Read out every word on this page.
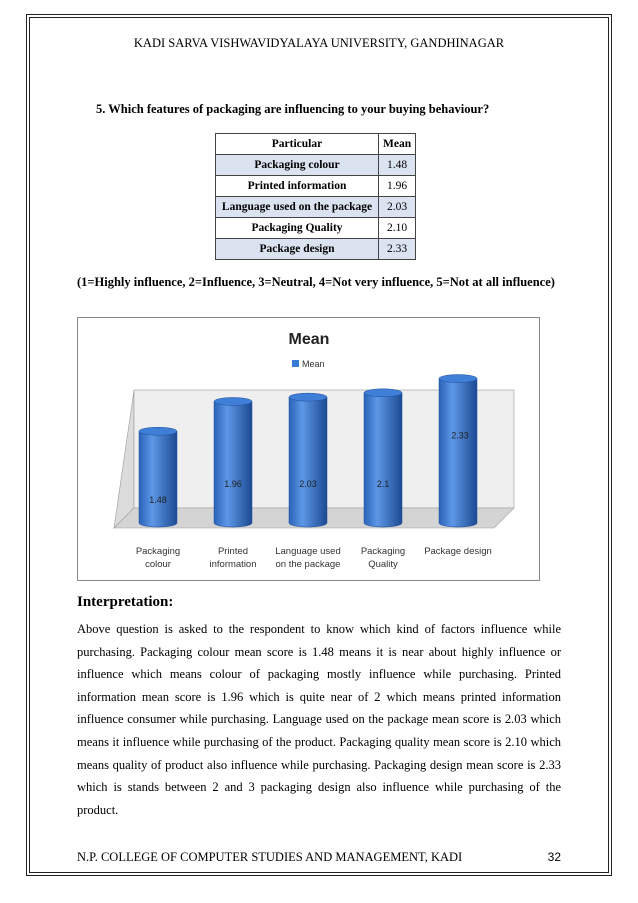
KADI SARVA VISHWAVIDYALAYA UNIVERSITY, GANDHINAGAR
5. Which features of packaging are influencing to your buying behaviour?
Particular	Mean
Packaging colour	1.48
Printed information	1.96
Language used on the package	2.03
Packaging Quality	2.10
Package design	2.33
(1=Highly influence, 2=Influence, 3=Neutral, 4=Not very influence, 5=Not at all influence)
Mean
Mean
1.48
1.96	2.03	2.1
2.33
Packaging
colour
Printed
information
Language used
on the package
Packaging
Quality
Package design
Interpretation:
Above question is asked to the respondent to know which kind of factors influence while purchasing. Packaging colour mean score is 1.48 means it is near about highly influence or influence which means colour of packaging mostly influence while purchasing. Printed information mean score is 1.96 which is quite near of 2 which means printed information influence consumer while purchasing. Language used on the package mean score is 2.03 which means it influence while purchasing of the product. Packaging quality mean score is 2.10 which means quality of product also influence while purchasing. Packaging design mean score is 2.33 which is stands between 2 and 3 packaging design also influence while purchasing of the product.
N.P. COLLEGE OF COMPUTER STUDIES AND MANAGEMENT, KADI	32
